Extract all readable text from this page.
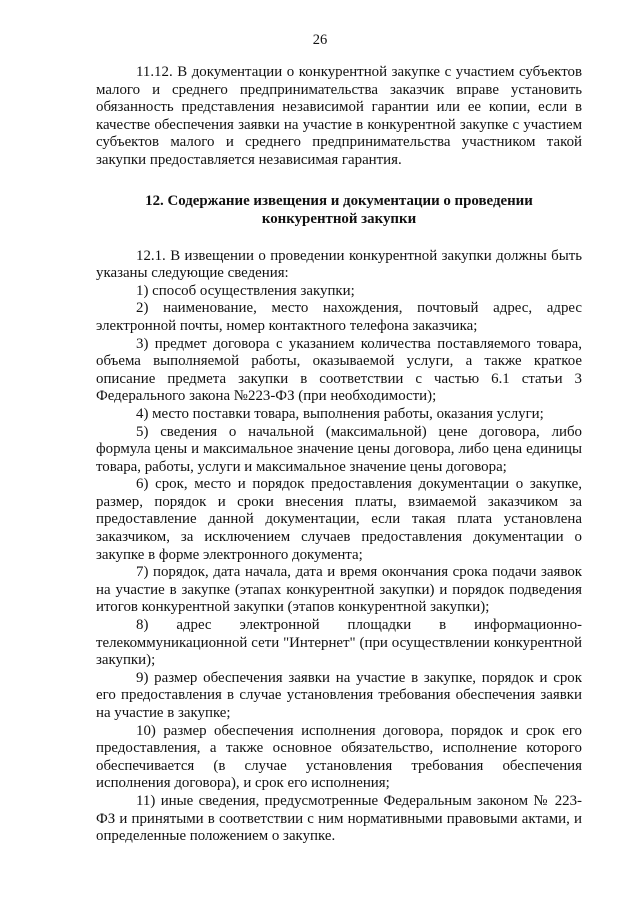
26

11.12. В документации о конкурентной закупке с участием субъектов малого и среднего предпринимательства заказчик вправе установить обязанность представления независимой гарантии или ее копии, если в качестве обеспечения заявки на участие в конкурентной закупке с участием субъектов малого и среднего предпринимательства участником такой закупки предоставляется независимая гарантия.

12. Содержание извещения и документации о проведении
конкурентной закупки

12.1. В извещении о проведении конкурентной закупки должны быть указаны следующие сведения:

1) способ осуществления закупки;

2) наименование, место нахождения, почтовый адрес, адрес электронной почты, номер контактного телефона заказчика;

3) предмет договора с указанием количества поставляемого товара, объема выполняемой работы, оказываемой услуги, а также краткое описание предмета закупки в соответствии с частью 6.1 статьи 3 Федерального закона №223-ФЗ (при необходимости);

4) место поставки товара, выполнения работы, оказания услуги;

5) сведения о начальной (максимальной) цене договора, либо формула цены и максимальное значение цены договора, либо цена единицы товара, работы, услуги и максимальное значение цены договора;

6) срок, место и порядок предоставления документации о закупке, размер, порядок и сроки внесения платы, взимаемой заказчиком за предоставление данной документации, если такая плата установлена заказчиком, за исключением случаев предоставления документации о закупке в форме электронного документа;

7) порядок, дата начала, дата и время окончания срока подачи заявок на участие в закупке (этапах конкурентной закупки) и порядок подведения итогов конкурентной закупки (этапов конкурентной закупки);

8) адрес электронной площадки в информационно-телекоммуникационной сети "Интернет" (при осуществлении конкурентной закупки);

9) размер обеспечения заявки на участие в закупке, порядок и срок его предоставления в случае установления требования обеспечения заявки на участие в закупке;

10) размер обеспечения исполнения договора, порядок и срок его предоставления, а также основное обязательство, исполнение которого обеспечивается (в случае установления требования обеспечения исполнения договора), и срок его исполнения;

11) иные сведения, предусмотренные Федеральным законом № 223-ФЗ и принятыми в соответствии с ним нормативными правовыми актами, и определенные положением о закупке.
